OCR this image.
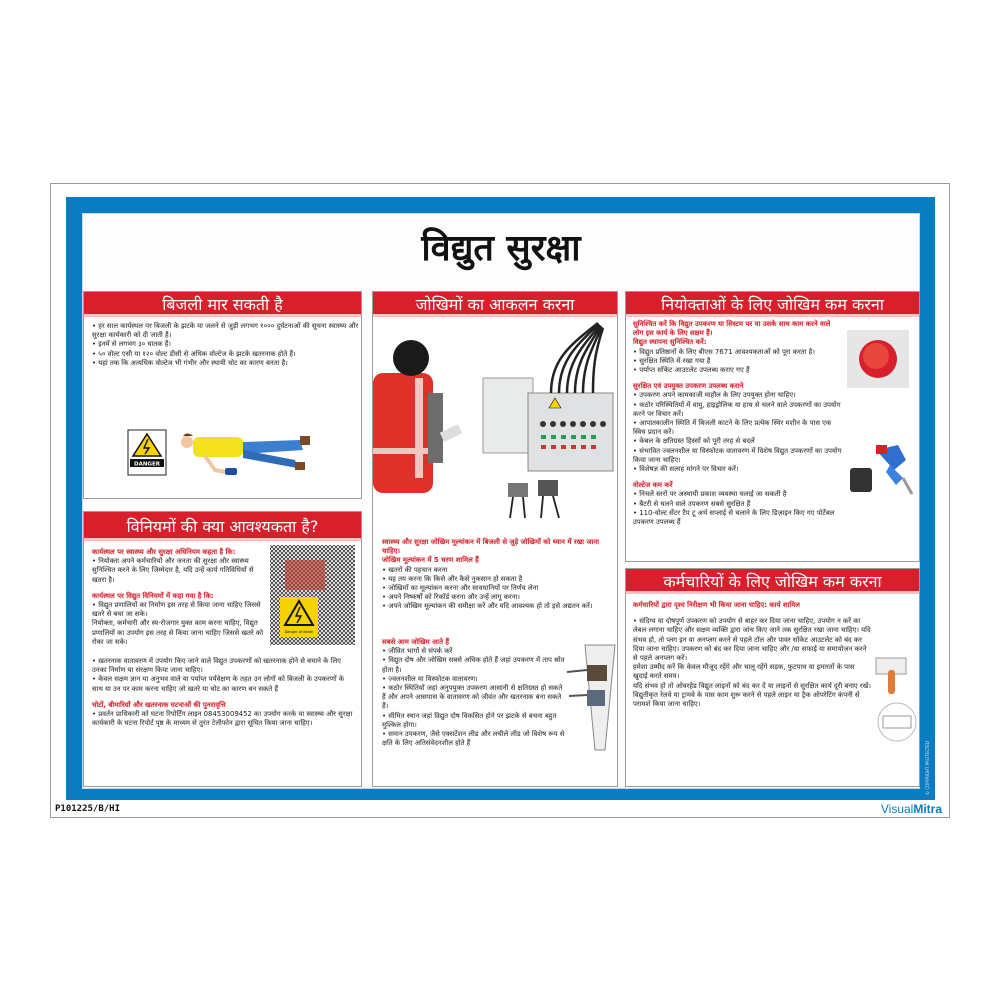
विद्युत सुरक्षा
बिजली मार सकती है
• हर साल कार्यस्थल पर बिजली के झटके या जलने से जुड़ी लगभग १००० दुर्घटनाओं की सूचना स्वास्थ्य और सुरक्षा कार्यकारी को दी जाती है।
• इनमें से लगभग ३० घातक हैं।
• ५० वोल्ट एसी या १२० वोल्ट डीसी से अधिक वोल्टेज के झटके खतरनाक होते हैं।
• यहां तक कि अत्यधिक वोल्टेज भी गंभीर और स्थायी चोट का कारण बनता है।
DANGER
विनियमों की क्या आवश्यकता है?
कार्यस्थल पर स्वास्थ्य और सुरक्षा अधिनियम कहता है कि:
• नियोक्ता अपने कर्मचारियों और जनता की सुरक्षा और स्वास्थ्य सुनिश्चित करने के लिए जिम्मेदार है, यदि उन्हें कार्य गतिविधियों से खतरा है।
कार्यस्थल पर विद्युत विनियमों में कहा गया है कि:
• विद्युत प्रणालियों का निर्माण इस तरह से किया जाना चाहिए जिससे खतरे से बचा जा सके।
नियोक्ता, कर्मचारी और स्व-रोजगार युक्त काम करना चाहिए, विद्युत प्रणालियों का उपयोग इस तरह से किया जाना चाहिए जिससे खतरे को रोका जा सके।
• खतरनाक वातावरण में उपयोग किए जाने वाले विद्युत उपकरणों को खतरनाक होने से बचाने के लिए उनका निर्माण या संरक्षण किया जाना चाहिए।
• केवल सक्षम ज्ञान या अनुभव वाले या पर्याप्त पर्यवेक्षण के तहत उन लोगों को बिजली के उपकरणों के साथ या उन पर काम करना चाहिए जो खतरे या चोट का कारण बन सकते हैं
चोटों, बीमारियों और खतरनाक घटनाओं की पुनरावृत्ति
• प्रवर्तन प्राधिकारी को घटना रिपोर्टिंग लाइन 08453009452 का उपयोग करके या स्वास्थ्य और सुरक्षा कार्यकारी के घटना रिपोर्ट पृष्ठ के माध्यम से तुरंत टेलीफोन द्वारा सूचित किया जाना चाहिए।
Danger of death
जोखिमों का आकलन करना
स्वास्थ्य और सुरक्षा जोखिम मूल्यांकन में बिजली से जुड़े जोखिमों को ध्यान में रखा जाना चाहिए।
जोखिम मूल्यांकन में 5 चरण शामिल हैं
• खतरों की पहचान करना
• यह तय करना कि किसे और कैसे नुकसान हो सकता है
• जोखिमों का मूल्यांकन करना और सावधानियों पर निर्णय लेना
• अपने निष्कर्षों को रिकॉर्ड करना और उन्हें लागू करना।
• अपने जोखिम मूल्यांकन की समीक्षा करें और यदि आवश्यक हो तो इसे अद्यतन करें।
सबसे आम जोखिम आते हैं
• जीवित भागों से संपर्क करें
• विद्युत दोष और जोखिम सबसे अधिक होते हैं जहां उपकरण में ताप स्रोत होता है।
• ज्वलनशील या विस्फोटक वातावरण।
• कठोर स्थितियों जहां अनुपयुक्त उपकरण आसानी से क्षतिग्रस्त हो सकते हैं और अपने आसपास के वातावरण को जीवंत और खतरनाक बना सकते हैं।
• सीमित स्थान जहां विद्युत दोष विकसित होने पर झटके से बचना बहुत मुश्किल होगा।
• समान उपकरण, जैसे एक्सटेंशन लीड और लचीले लीड जो विशेष रूप से क्षति के लिए अतिसंवेदनशील होते हैं
नियोक्ताओं के लिए जोखिम कम करना
सुनिश्चित करें कि विद्युत उपकरण या सिस्टम पर या उसके साथ काम करने वाले लोग इस कार्य के लिए सक्षम हैं।
विद्युत स्थापना सुनिश्चित करें:
• विद्युत प्रतिष्ठानों के लिए बीएस 7671 आवश्यकताओं को पूरा करता है।
• सुरक्षित स्थिति में रखा गया है
• पर्याप्त सॉकेट आउटलेट उपलब्ध कराए गए हैं
सुरक्षित एवं उपयुक्त उपकरण उपलब्ध कराने
• उपकरण अपने कामकाजी माहौल के लिए उपयुक्त होना चाहिए।
• कठोर परिस्थितियों में वायु, हाइड्रोलिक या हाथ से चलने वाले उपकरणों का उपयोग करने पर विचार करें।
• आपातकालीन स्थिति में बिजली काटने के लिए प्रत्येक स्थिर मशीन के पास एक स्विच प्रदान करें।
• केबल के क्षतिग्रस्त हिस्सों को पूरी तरह से बदलें
• संभावित ज्वलनशील या विस्फोटक वातावरण में विशेष विद्युत उपकरणों का उपयोग किया जाना चाहिए।
• विशेषज्ञ की सलाह मांगने पर विचार करें।
वोल्टेज कम करें
• निचले स्तरों पर अस्थायी प्रकाश व्यवस्था चलाई जा सकती है
• बैटरी से चलने वाले उपकरण सबसे सुरक्षित हैं
• 110-वोल्ट सेंटर टैप टू अर्थ सप्लाई से चलाने के लिए डिज़ाइन किए गए पोर्टेबल उपकरण उपलब्ध हैं
कर्मचारियों के लिए जोखिम कम करना
कर्मचारियों द्वारा दृश्य निरीक्षण भी किया जाना चाहिए: कार्य शामिल
• संदिग्ध या दोषपूर्ण उपकरण को उपयोग से बाहर कर दिया जाना चाहिए, उपयोग न करें का लेबल लगाना चाहिए और सक्षम व्यक्ति द्वारा जांच किए जाने तक सुरक्षित रखा जाना चाहिए। यदि संभव हो, तो प्लग इन या अनप्लग करने से पहले टॉल और पावर सॉकेट आउटलेट को बंद कर दिया जाना चाहिए। उपकरण को बंद कर दिया जाना चाहिए और /या सफाई या समायोजन करने से पहले अनप्लग करें।
हमेशा उम्मीद करें कि केवल मौजूद रहेंगे और चालू रहेंगे सड़क, फुटपाथ या इमारतों के पास खुदाई करते समय।
यदि संभव हो तो ओवरहेड विद्युत लाइनों को बंद कर दें या लाइनों से सुरक्षित कार्य दूरी बनाए रखें।
विद्युतीकृत रेलवे या ट्रामवे के पास काम शुरू करने से पहले लाइन या ट्रैक ऑपरेटिंग कंपनी से परामर्श किया जाना चाहिए।
© COPYRIGHT PROTECTED
P101225/B/HI	VisualMitra
